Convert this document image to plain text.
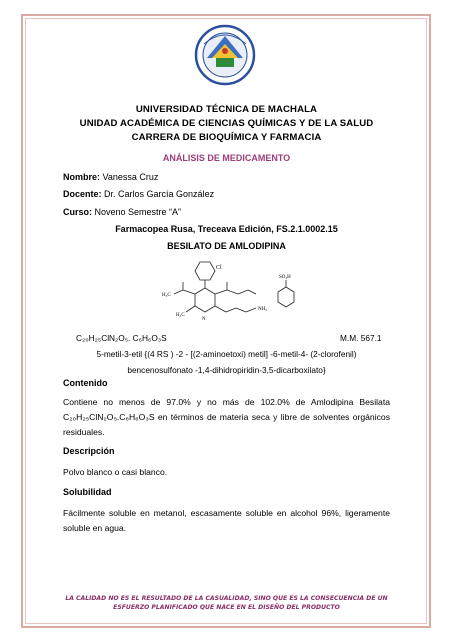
UNIVERSIDAD TÉCNICA DE MACHALA
UNIDAD ACADÉMICA DE CIENCIAS QUÍMICAS Y DE LA SALUD
CARRERA DE BIOQUÍMICA Y FARMACIA
ANÁLISIS DE MEDICAMENTO
Nombre: Vanessa Cruz
Docente: Dr. Carlos García González
Curso: Noveno Semestre “A”
Farmacopea Rusa, Treceava Edición, FS.2.1.0002.15
BESILATO DE AMLODIPINA
Cl
H₃C
H₃C
N
NH₂
SO₃H
C₂₀H₂₅ClN₂O₅. C₆H₆O₃S	M.M. 567.1
5-metil-3-etil {(4 RS ) -2 - [(2-aminoetoxi) metil] -6-metil-4- (2-clorofenil)
bencenosulfonato -1,4-dihidropiridin-3,5-dicarboxilato}
Contenido
Contiene no menos de 97.0% y no más de 102.0% de Amlodipina Besilata C₂₀H₂₅ClN₂O₅.C₆H₆O₃S en términos de materia seca y libre de solventes orgánicos residuales.
Descripción
Polvo blanco o casi blanco.
Solubilidad
Fácilmente soluble en metanol, escasamente soluble en alcohol 96%, ligeramente soluble en agua.
LA CALIDAD NO ES EL RESULTADO DE LA CASUALIDAD, SINO QUE ES LA CONSECUENCIA DE UN
ESFUERZO PLANIFICADO QUE NACE EN EL DISEÑO DEL PRODUCTO
